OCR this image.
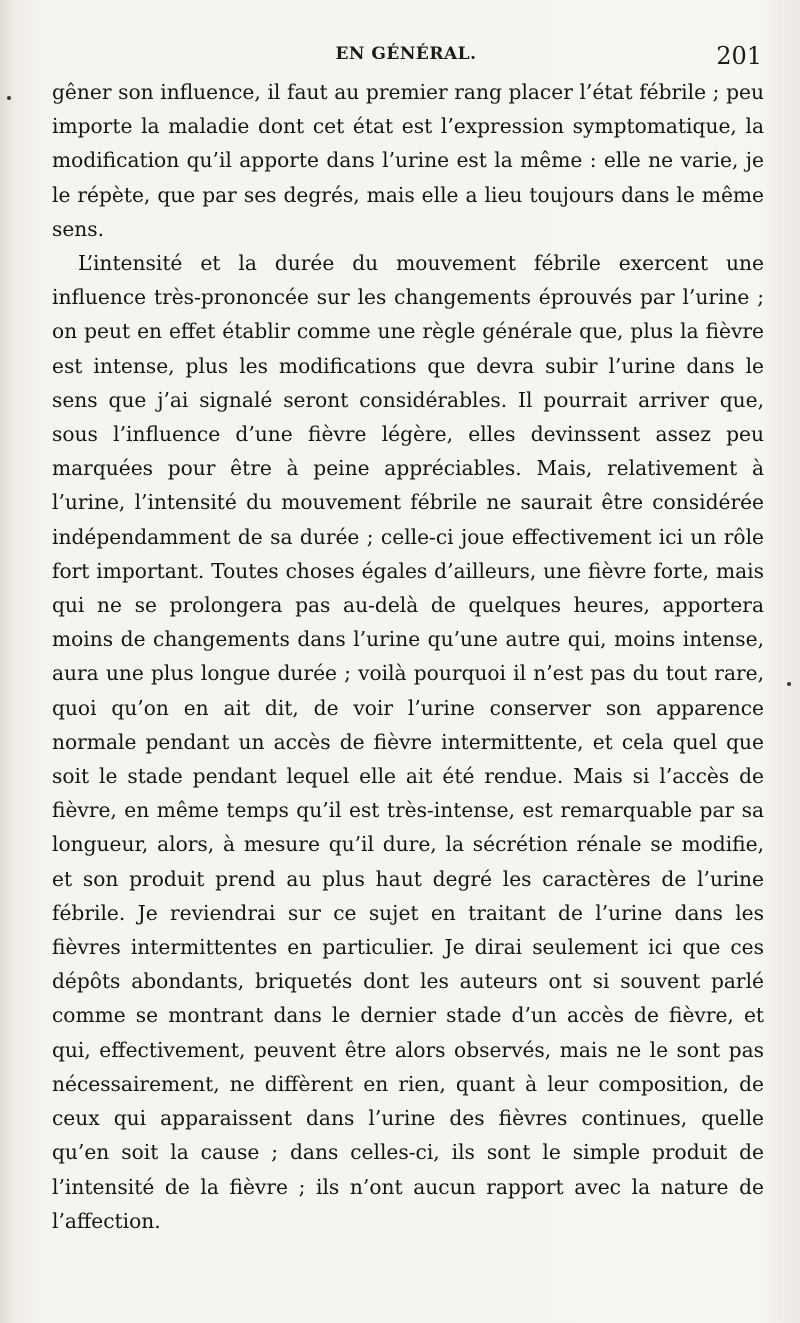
EN GÉNÉRAL.	201

gêner son influence, il faut au premier rang placer l’état fébrile ; peu importe la maladie dont cet état est l’expression symptomatique, la modification qu’il apporte dans l’urine est la même : elle ne varie, je le répète, que par ses degrés, mais elle a lieu toujours dans le même sens.

L’intensité et la durée du mouvement fébrile exercent une influence très-prononcée sur les changements éprouvés par l’urine ; on peut en effet établir comme une règle générale que, plus la fièvre est intense, plus les modifications que devra subir l’urine dans le sens que j’ai signalé seront considérables. Il pourrait arriver que, sous l’influence d’une fièvre légère, elles devinssent assez peu marquées pour être à peine appréciables. Mais, relativement à l’urine, l’intensité du mouvement fébrile ne saurait être considérée indépendamment de sa durée ; celle-ci joue effectivement ici un rôle fort important. Toutes choses égales d’ailleurs, une fièvre forte, mais qui ne se prolongera pas au-delà de quelques heures, apportera moins de changements dans l’urine qu’une autre qui, moins intense, aura une plus longue durée ; voilà pourquoi il n’est pas du tout rare, quoi qu’on en ait dit, de voir l’urine conserver son apparence normale pendant un accès de fièvre intermittente, et cela quel que soit le stade pendant lequel elle ait été rendue. Mais si l’accès de fièvre, en même temps qu’il est très-intense, est remarquable par sa longueur, alors, à mesure qu’il dure, la sécrétion rénale se modifie, et son produit prend au plus haut degré les caractères de l’urine fébrile. Je reviendrai sur ce sujet en traitant de l’urine dans les fièvres intermittentes en particulier. Je dirai seulement ici que ces dépôts abondants, briquetés dont les auteurs ont si souvent parlé comme se montrant dans le dernier stade d’un accès de fièvre, et qui, effectivement, peuvent être alors observés, mais ne le sont pas nécessairement, ne diffèrent en rien, quant à leur composition, de ceux qui apparaissent dans l’urine des fièvres continues, quelle qu’en soit la cause ; dans celles-ci, ils sont le simple produit de l’intensité de la fièvre ; ils n’ont aucun rapport avec la nature de l’affection.
